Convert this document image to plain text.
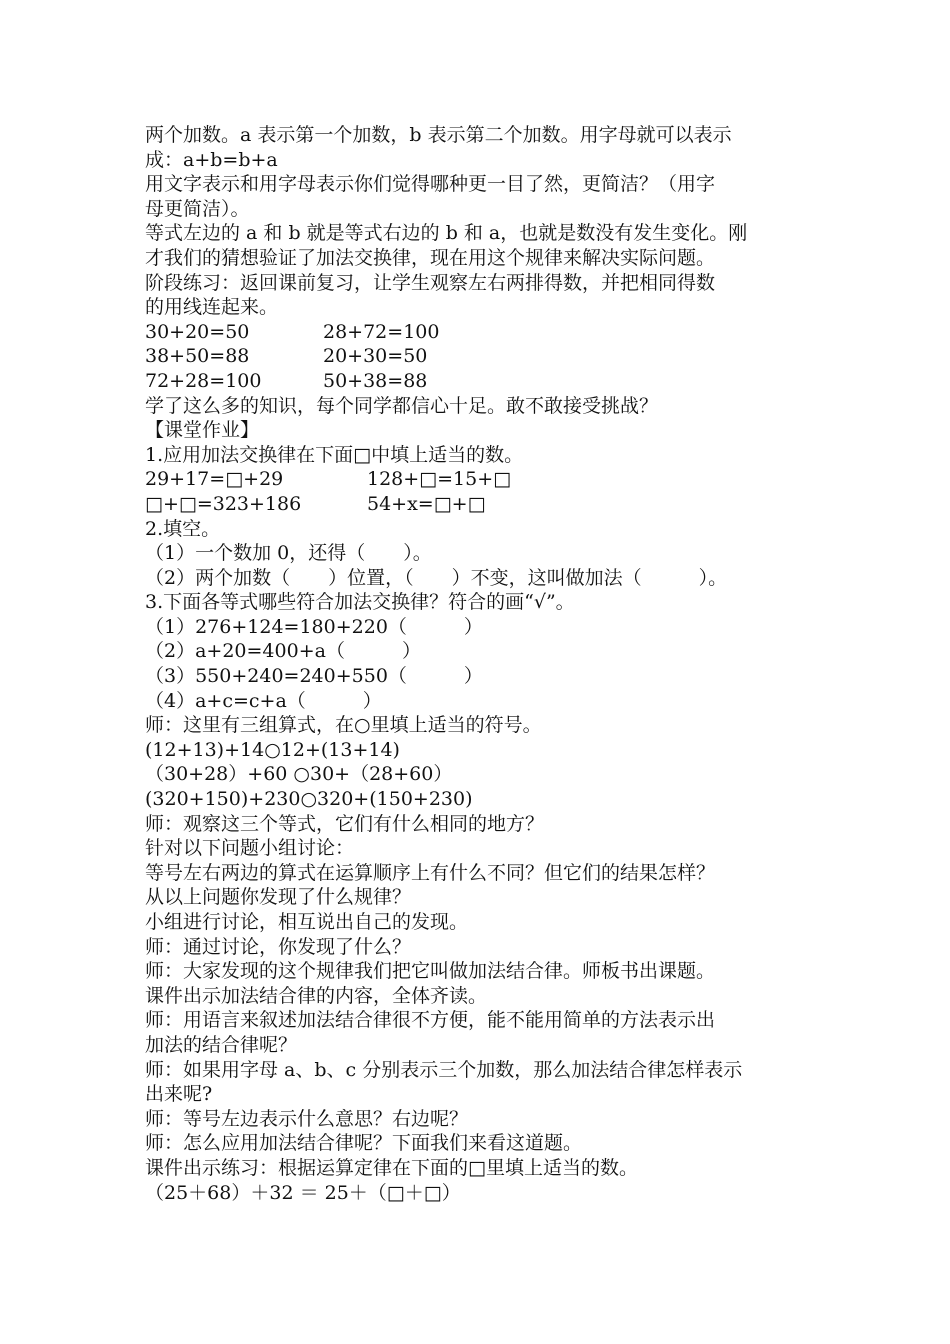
两个加数。a 表示第一个加数，b 表示第二个加数。用字母就可以表示
成：a+b=b+a
用文字表示和用字母表示你们觉得哪种更一目了然，更简洁？（用字
母更简洁）。
等式左边的 a 和 b 就是等式右边的 b 和 a，也就是数没有发生变化。刚
才我们的猜想验证了加法交换律，现在用这个规律来解决实际问题。
阶段练习：返回课前复习，让学生观察左右两排得数，并把相同得数
的用线连起来。
30+20=50	28+72=100
38+50=88	20+30=50
72+28=100	50+38=88
学了这么多的知识，每个同学都信心十足。敢不敢接受挑战？
【课堂作业】
1.应用加法交换律在下面□中填上适当的数。
29+17=□+29	128+□=15+□
□+□=323+186	54+x=□+□
2.填空。
（1）一个数加 0，还得（　　）。
（2）两个加数（　　）位置，（　　）不变，这叫做加法（　　　）。
3.下面各等式哪些符合加法交换律？符合的画“√”。
（1）276+124=180+220（　　　）
（2）a+20=400+a（　　　）
（3）550+240=240+550（　　　）
（4）a+c=c+a（　　　）
师：这里有三组算式，在○里填上适当的符号。
(12+13)+14○12+(13+14)
（30+28）+60 ○30+（28+60）
(320+150)+230○320+(150+230)
师：观察这三个等式，它们有什么相同的地方？
针对以下问题小组讨论：
等号左右两边的算式在运算顺序上有什么不同？但它们的结果怎样？
从以上问题你发现了什么规律？
小组进行讨论，相互说出自己的发现。
师：通过讨论，你发现了什么？
师：大家发现的这个规律我们把它叫做加法结合律。师板书出课题。
课件出示加法结合律的内容，全体齐读。
师：用语言来叙述加法结合律很不方便，能不能用简单的方法表示出
加法的结合律呢？
师：如果用字母 a、b、c 分别表示三个加数，那么加法结合律怎样表示
出来呢?
师：等号左边表示什么意思？右边呢？
师：怎么应用加法结合律呢？下面我们来看这道题。
课件出示练习：根据运算定律在下面的□里填上适当的数。
（25＋68）＋32 ＝ 25＋（□＋□）
